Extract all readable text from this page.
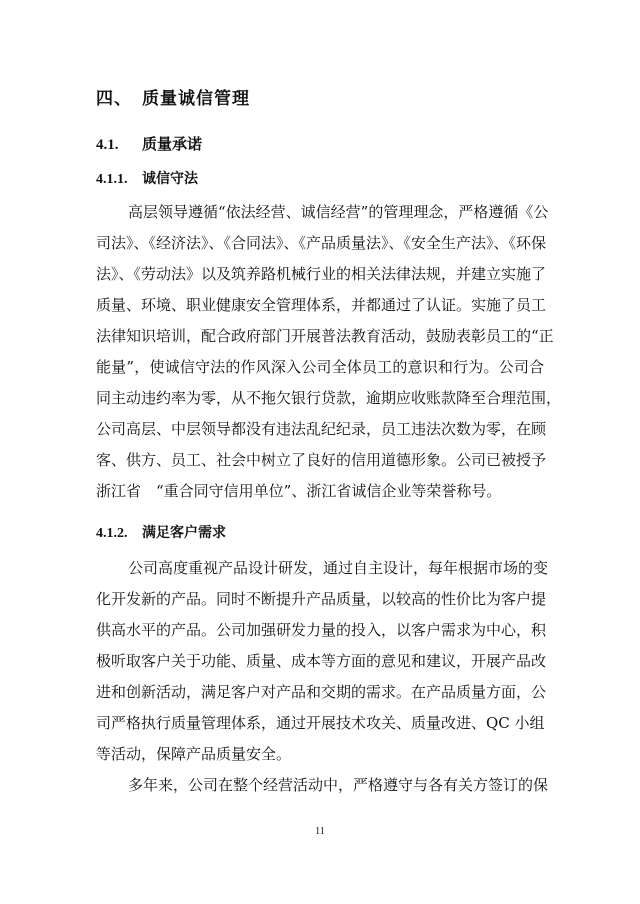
四、 质量诚信管理
4.1. 质量承诺
4.1.1. 诚信守法
高层领导遵循“依法经营、诚信经营”的管理理念，严格遵循《公
司法》、《经济法》、《合同法》、《产品质量法》、《安全生产法》、《环保
法》、《劳动法》以及筑养路机械行业的相关法律法规，并建立实施了
质量、环境、职业健康安全管理体系，并都通过了认证。实施了员工
法律知识培训，配合政府部门开展普法教育活动，鼓励表彰员工的“正
能量”，使诚信守法的作风深入公司全体员工的意识和行为。公司合
同主动违约率为零，从不拖欠银行贷款，逾期应收账款降至合理范围，
公司高层、中层领导都没有违法乱纪纪录，员工违法次数为零，在顾
客、供方、员工、社会中树立了良好的信用道德形象。公司已被授予
浙江省　“重合同守信用单位”、浙江省诚信企业等荣誉称号。
4.1.2. 满足客户需求
公司高度重视产品设计研发，通过自主设计，每年根据市场的变
化开发新的产品。同时不断提升产品质量，以较高的性价比为客户提
供高水平的产品。公司加强研发力量的投入，以客户需求为中心，积
极听取客户关于功能、质量、成本等方面的意见和建议，开展产品改
进和创新活动，满足客户对产品和交期的需求。在产品质量方面，公
司严格执行质量管理体系，通过开展技术攻关、质量改进、QC 小组
等活动，保障产品质量安全。
多年来，公司在整个经营活动中，严格遵守与各有关方签订的保
11
